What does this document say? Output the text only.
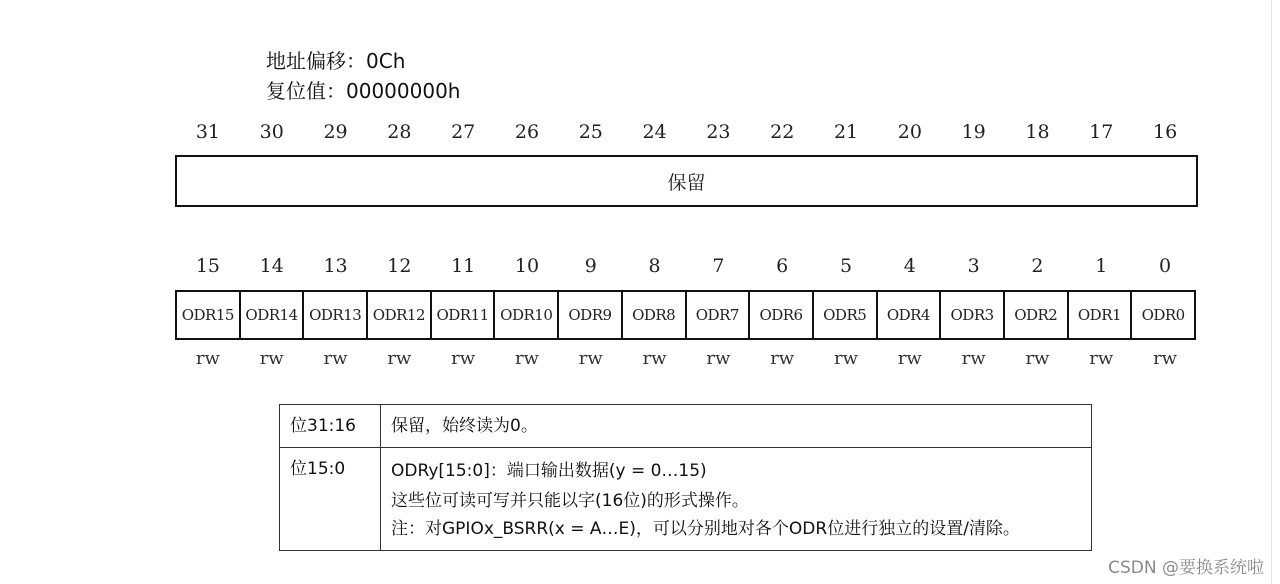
地址偏移：0Ch
复位值：00000000h
31	30	29	28	27	26	25	24	23	22	21	20	19	18	17	16
保留
15	14	13	12	11	10	9	8	7	6	5	4	3	2	1	0
ODR15 ODR14 ODR13 ODR12 ODR11 ODR10	ODR9	ODR8	ODR7	ODR6	ODR5	ODR4	ODR3	ODR2	ODR1	ODR0
rw	rw	rw	rw	rw	rw	rw	rw	rw	rw	rw	rw	rw	rw	rw	rw
位31:16	保留，始终读为0。
位15:0	ODRy[15:0]：端口输出数据(y = 0…15)
这些位可读可写并只能以字(16位)的形式操作。
注：对GPIOx_BSRR(x = A…E)，可以分别地对各个ODR位进行独立的设置/清除。
CSDN @要换系统啦
